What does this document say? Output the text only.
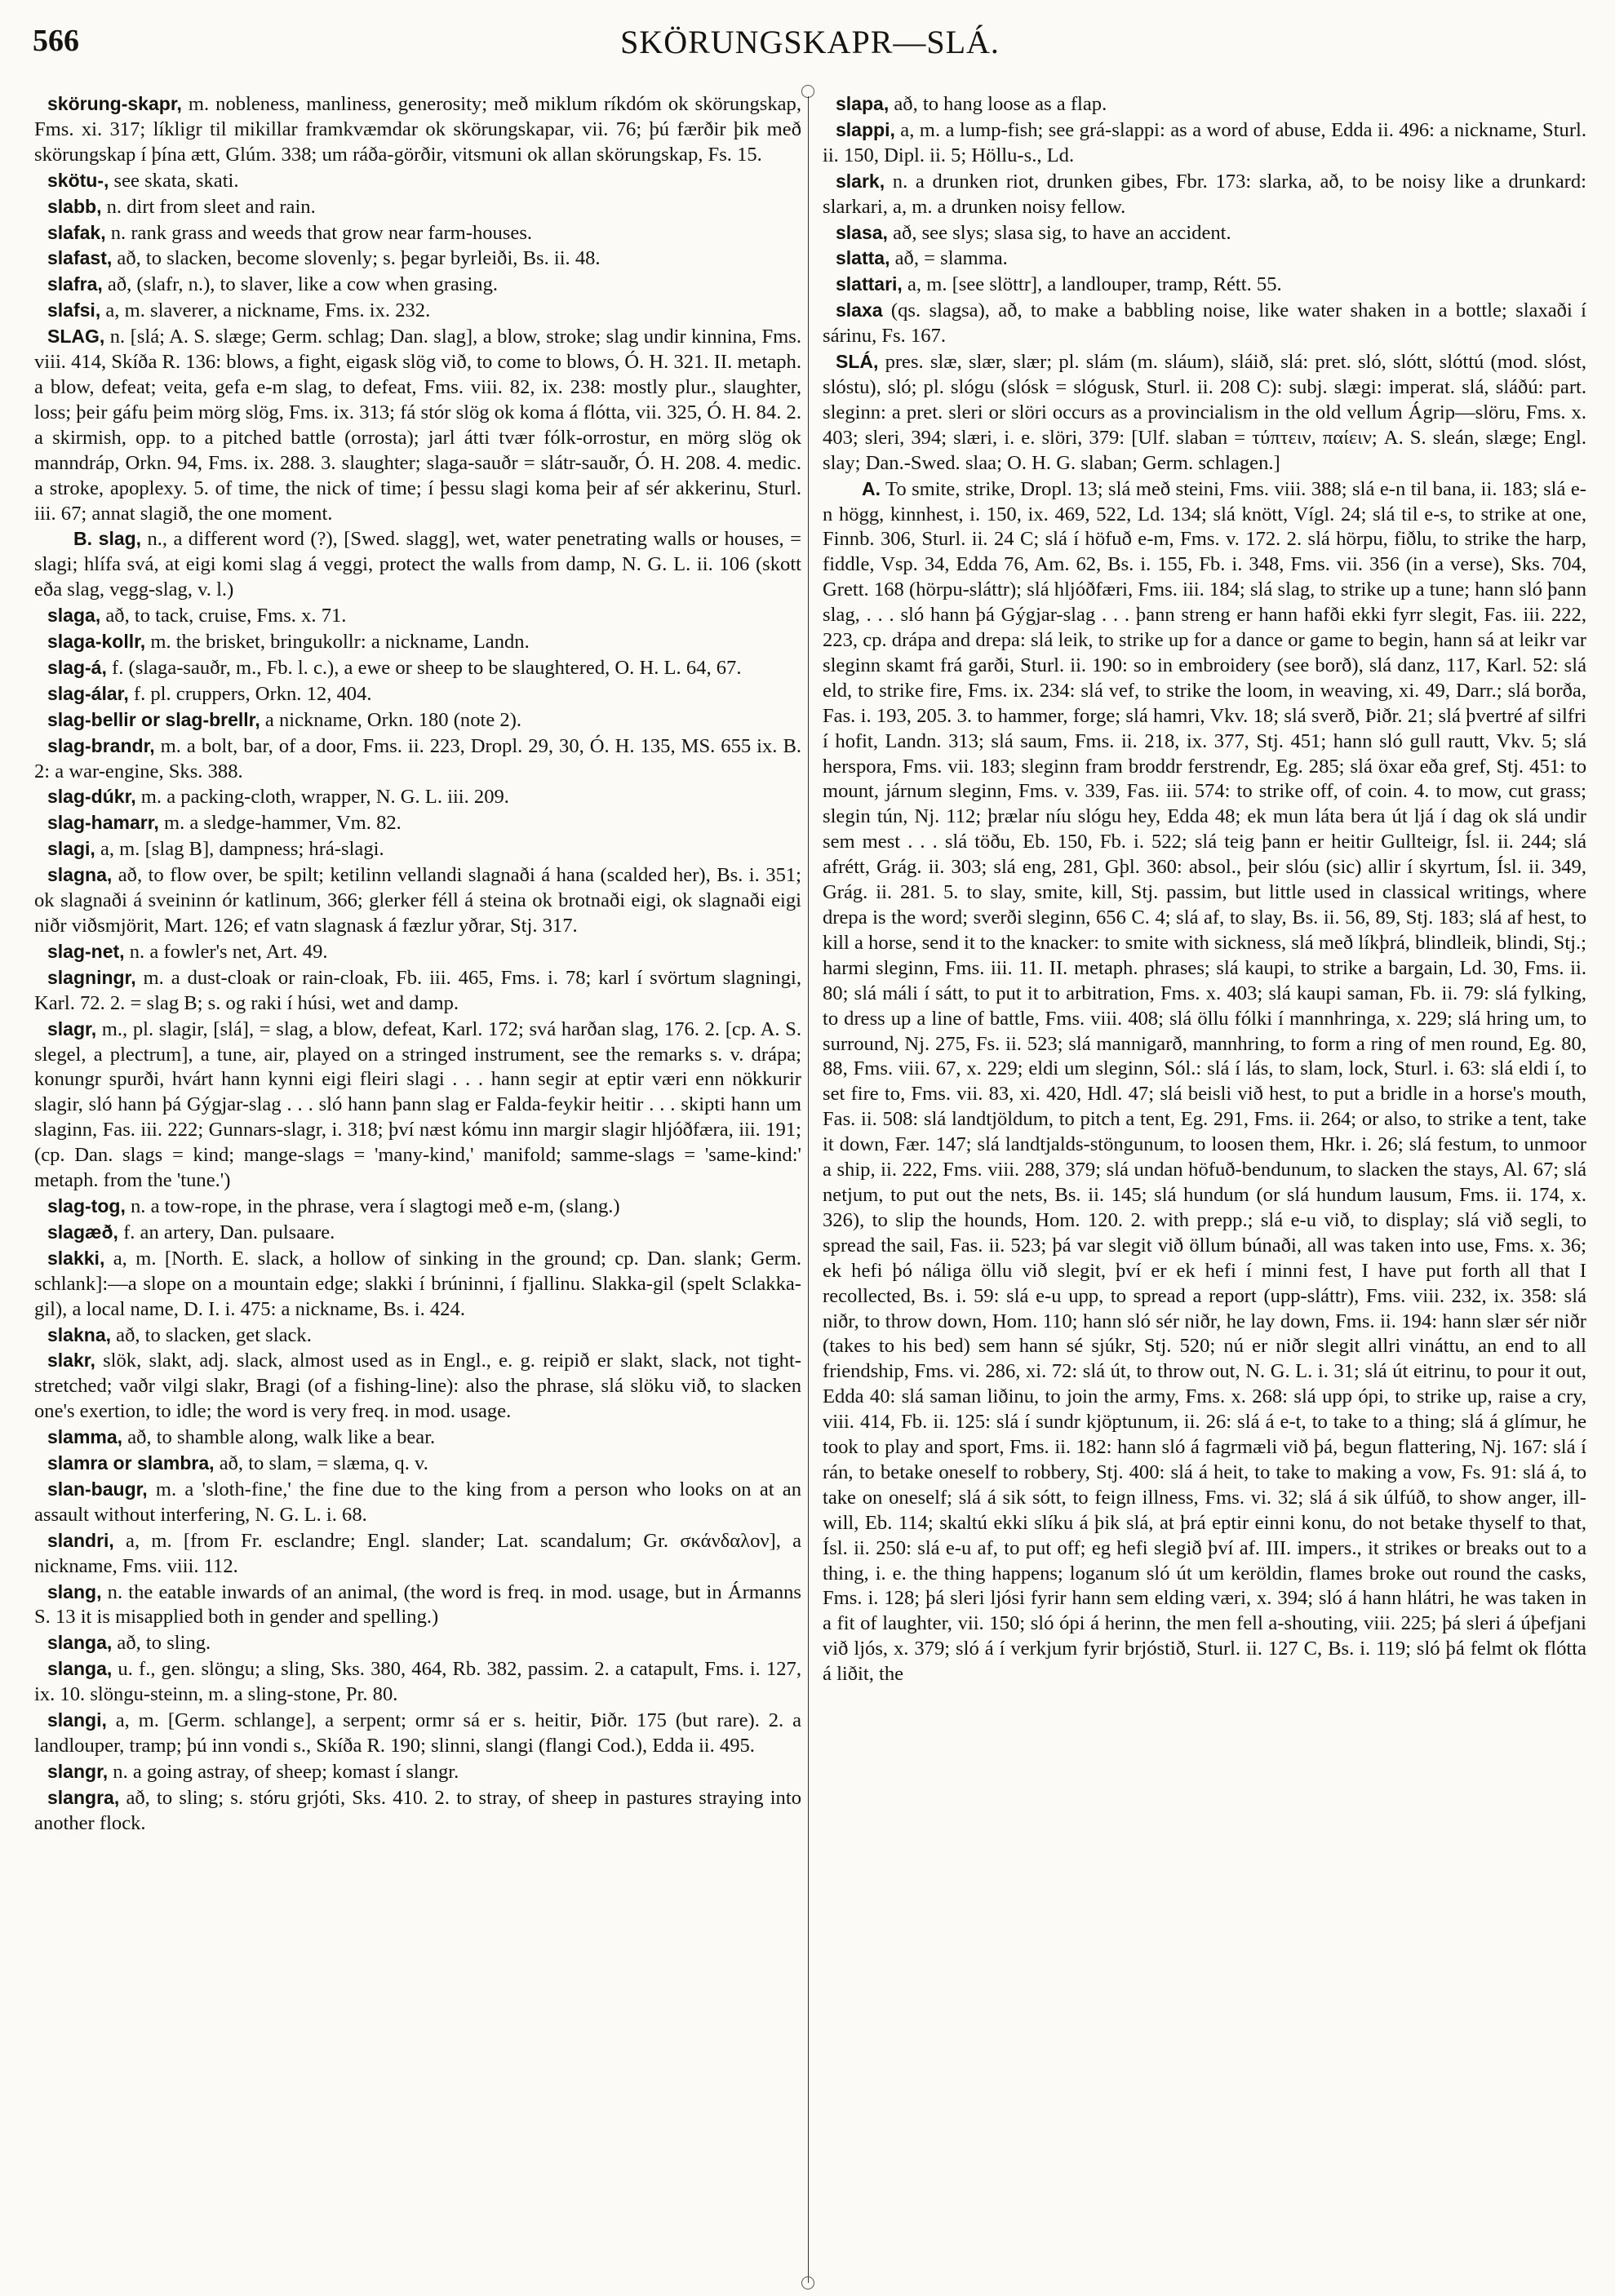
566	SKÖRUNGSKAPR—SLÁ.

skörung-skapr, m. nobleness, manliness, generosity; með miklum ríkdóm ok skörungskap, Fms. xi. 317; líkligr til mikillar framkvæmdar ok skörungskapar, vii. 76; þú færðir þik með skörungskap í þína ætt, Glúm. 338; um ráða-görðir, vitsmuni ok allan skörungskap, Fs. 15.

skötu-, see skata, skati.

slabb, n. dirt from sleet and rain.

slafak, n. rank grass and weeds that grow near farm-houses.

slafast, að, to slacken, become slovenly; s. þegar byrleiði, Bs. ii. 48.

slafra, að, (slafr, n.), to slaver, like a cow when grasing.

slafsi, a, m. slaverer, a nickname, Fms. ix. 232.

SLAG, n. [slá; A. S. slæge; Germ. schlag; Dan. slag], a blow, stroke; slag undir kinnina, Fms. viii. 414, Skíða R. 136: blows, a fight, eigask slög við, to come to blows, Ó. H. 321. II. metaph. a blow, defeat; veita, gefa e-m slag, to defeat, Fms. viii. 82, ix. 238: mostly plur., slaughter, loss; þeir gáfu þeim mörg slög, Fms. ix. 313; fá stór slög ok koma á flótta, vii. 325, Ó. H. 84. 2. a skirmish, opp. to a pitched battle (orrosta); jarl átti tvær fólk-orrostur, en mörg slög ok manndráp, Orkn. 94, Fms. ix. 288. 3. slaughter; slaga-sauðr = slátr-sauðr, Ó. H. 208. 4. medic. a stroke, apoplexy. 5. of time, the nick of time; í þessu slagi koma þeir af sér akkerinu, Sturl. iii. 67; annat slagið, the one moment.

B. slag, n., a different word (?), [Swed. slagg], wet, water penetrating walls or houses, = slagi; hlífa svá, at eigi komi slag á veggi, protect the walls from damp, N. G. L. ii. 106 (skott eða slag, vegg-slag, v. l.)

slaga, að, to tack, cruise, Fms. x. 71.

slaga-kollr, m. the brisket, bringukollr: a nickname, Landn.

slag-á, f. (slaga-sauðr, m., Fb. l. c.), a ewe or sheep to be slaughtered, O. H. L. 64, 67.

slag-álar, f. pl. cruppers, Orkn. 12, 404.

slag-bellir or slag-brellr, a nickname, Orkn. 180 (note 2).

slag-brandr, m. a bolt, bar, of a door, Fms. ii. 223, Dropl. 29, 30, Ó. H. 135, MS. 655 ix. B. 2: a war-engine, Sks. 388.

slag-dúkr, m. a packing-cloth, wrapper, N. G. L. iii. 209.

slag-hamarr, m. a sledge-hammer, Vm. 82.

slagi, a, m. [slag B], dampness; hrá-slagi.

slagna, að, to flow over, be spilt; ketilinn vellandi slagnaði á hana (scalded her), Bs. i. 351; ok slagnaði á sveininn ór katlinum, 366; glerker féll á steina ok brotnaði eigi, ok slagnaði eigi niðr viðsmjörit, Mart. 126; ef vatn slagnask á fæzlur yðrar, Stj. 317.

slag-net, n. a fowler's net, Art. 49.

slagningr, m. a dust-cloak or rain-cloak, Fb. iii. 465, Fms. i. 78; karl í svörtum slagningi, Karl. 72. 2. = slag B; s. og raki í húsi, wet and damp.

slagr, m., pl. slagir, [slá], = slag, a blow, defeat, Karl. 172; svá harðan slag, 176. 2. [cp. A. S. slegel, a plectrum], a tune, air, played on a stringed instrument, see the remarks s. v. drápa; konungr spurði, hvárt hann kynni eigi fleiri slagi . . . hann segir at eptir væri enn nökkurir slagir, sló hann þá Gýgjar-slag . . . sló hann þann slag er Falda-feykir heitir . . . skipti hann um slaginn, Fas. iii. 222; Gunnars-slagr, i. 318; því næst kómu inn margir slagir hljóðfæra, iii. 191; (cp. Dan. slags = kind; mange-slags = 'many-kind,' manifold; samme-slags = 'same-kind:' metaph. from the 'tune.')

slag-tog, n. a tow-rope, in the phrase, vera í slagtogi með e-m, (slang.)

slagæð, f. an artery, Dan. pulsaare.

slakki, a, m. [North. E. slack, a hollow of sinking in the ground; cp. Dan. slank; Germ. schlank]:—a slope on a mountain edge; slakki í brúninni, í fjallinu. Slakka-gil (spelt Sclakka-gil), a local name, D. I. i. 475: a nickname, Bs. i. 424.

slakna, að, to slacken, get slack.

slakr, slök, slakt, adj. slack, almost used as in Engl., e. g. reipið er slakt, slack, not tight-stretched; vaðr vilgi slakr, Bragi (of a fishing-line): also the phrase, slá slöku við, to slacken one's exertion, to idle; the word is very freq. in mod. usage.

slamma, að, to shamble along, walk like a bear.

slamra or slambra, að, to slam, = slæma, q. v.

slan-baugr, m. a 'sloth-fine,' the fine due to the king from a person who looks on at an assault without interfering, N. G. L. i. 68.

slandri, a, m. [from Fr. esclandre; Engl. slander; Lat. scandalum; Gr. σκάνδαλον], a nickname, Fms. viii. 112.

slang, n. the eatable inwards of an animal, (the word is freq. in mod. usage, but in Ármanns S. 13 it is misapplied both in gender and spelling.)

slanga, að, to sling.

slanga, u. f., gen. slöngu; a sling, Sks. 380, 464, Rb. 382, passim. 2. a catapult, Fms. i. 127, ix. 10. slöngu-steinn, m. a sling-stone, Pr. 80.

slangi, a, m. [Germ. schlange], a serpent; ormr sá er s. heitir, Þiðr. 175 (but rare). 2. a landlouper, tramp; þú inn vondi s., Skíða R. 190; slinni, slangi (flangi Cod.), Edda ii. 495.

slangr, n. a going astray, of sheep; komast í slangr.

slangra, að, to sling; s. stóru grjóti, Sks. 410. 2. to stray, of sheep in pastures straying into another flock.

slapa, að, to hang loose as a flap.

slappi, a, m. a lump-fish; see grá-slappi: as a word of abuse, Edda ii. 496: a nickname, Sturl. ii. 150, Dipl. ii. 5; Höllu-s., Ld.

slark, n. a drunken riot, drunken gibes, Fbr. 173: slarka, að, to be noisy like a drunkard: slarkari, a, m. a drunken noisy fellow.

slasa, að, see slys; slasa sig, to have an accident.

slatta, að, = slamma.

slattari, a, m. [see slöttr], a landlouper, tramp, Rétt. 55.

slaxa (qs. slagsa), að, to make a babbling noise, like water shaken in a bottle; slaxaði í sárinu, Fs. 167.

SLÁ, pres. slæ, slær, slær; pl. slám (m. sláum), sláið, slá: pret. sló, slótt, slóttú (mod. slóst, slóstu), sló; pl. slógu (slósk = slógusk, Sturl. ii. 208 C): subj. slægi: imperat. slá, sláðú: part. sleginn: a pret. sleri or slöri occurs as a provincialism in the old vellum Ágrip—slöru, Fms. x. 403; sleri, 394; slæri, i. e. slöri, 379: [Ulf. slaban = τύπτειν, παίειν; A. S. sleán, slæge; Engl. slay; Dan.-Swed. slaa; O. H. G. slaban; Germ. schlagen.]

A. To smite, strike, Dropl. 13; slá með steini, Fms. viii. 388; slá e-n til bana, ii. 183; slá e-n högg, kinnhest, i. 150, ix. 469, 522, Ld. 134; slá knött, Vígl. 24; slá til e-s, to strike at one, Finnb. 306, Sturl. ii. 24 C; slá í höfuð e-m, Fms. v. 172. 2. slá hörpu, fiðlu, to strike the harp, fiddle, Vsp. 34, Edda 76, Am. 62, Bs. i. 155, Fb. i. 348, Fms. vii. 356 (in a verse), Sks. 704, Grett. 168 (hörpu-sláttr); slá hljóðfæri, Fms. iii. 184; slá slag, to strike up a tune; hann sló þann slag, . . . sló hann þá Gýgjar-slag . . . þann streng er hann hafði ekki fyrr slegit, Fas. iii. 222, 223, cp. drápa and drepa: slá leik, to strike up for a dance or game to begin, hann sá at leikr var sleginn skamt frá garði, Sturl. ii. 190: so in embroidery (see borð), slá danz, 117, Karl. 52: slá eld, to strike fire, Fms. ix. 234: slá vef, to strike the loom, in weaving, xi. 49, Darr.; slá borða, Fas. i. 193, 205. 3. to hammer, forge; slá hamri, Vkv. 18; slá sverð, Þiðr. 21; slá þvertré af silfri í hofit, Landn. 313; slá saum, Fms. ii. 218, ix. 377, Stj. 451; hann sló gull rautt, Vkv. 5; slá herspora, Fms. vii. 183; sleginn fram broddr ferstrendr, Eg. 285; slá öxar eða gref, Stj. 451: to mount, járnum sleginn, Fms. v. 339, Fas. iii. 574: to strike off, of coin. 4. to mow, cut grass; slegin tún, Nj. 112; þrælar níu slógu hey, Edda 48; ek mun láta bera út ljá í dag ok slá undir sem mest . . . slá töðu, Eb. 150, Fb. i. 522; slá teig þann er heitir Gullteigr, Ísl. ii. 244; slá afrétt, Grág. ii. 303; slá eng, 281, Gþl. 360: absol., þeir slóu (sic) allir í skyrtum, Ísl. ii. 349, Grág. ii. 281. 5. to slay, smite, kill, Stj. passim, but little used in classical writings, where drepa is the word; sverði sleginn, 656 C. 4; slá af, to slay, Bs. ii. 56, 89, Stj. 183; slá af hest, to kill a horse, send it to the knacker: to smite with sickness, slá með líkþrá, blindleik, blindi, Stj.; harmi sleginn, Fms. iii. 11. II. metaph. phrases; slá kaupi, to strike a bargain, Ld. 30, Fms. ii. 80; slá máli í sátt, to put it to arbitration, Fms. x. 403; slá kaupi saman, Fb. ii. 79: slá fylking, to dress up a line of battle, Fms. viii. 408; slá öllu fólki í mannhringa, x. 229; slá hring um, to surround, Nj. 275, Fs. ii. 523; slá mannigarð, mannhring, to form a ring of men round, Eg. 80, 88, Fms. viii. 67, x. 229; eldi um sleginn, Sól.: slá í lás, to slam, lock, Sturl. i. 63: slá eldi í, to set fire to, Fms. vii. 83, xi. 420, Hdl. 47; slá beisli við hest, to put a bridle in a horse's mouth, Fas. ii. 508: slá landtjöldum, to pitch a tent, Eg. 291, Fms. ii. 264; or also, to strike a tent, take it down, Fær. 147; slá landtjalds-stöngunum, to loosen them, Hkr. i. 26; slá festum, to unmoor a ship, ii. 222, Fms. viii. 288, 379; slá undan höfuð-bendunum, to slacken the stays, Al. 67; slá netjum, to put out the nets, Bs. ii. 145; slá hundum (or slá hundum lausum, Fms. ii. 174, x. 326), to slip the hounds, Hom. 120. 2. with prepp.; slá e-u við, to display; slá við segli, to spread the sail, Fas. ii. 523; þá var slegit við öllum búnaði, all was taken into use, Fms. x. 36; ek hefi þó náliga öllu við slegit, því er ek hefi í minni fest, I have put forth all that I recollected, Bs. i. 59: slá e-u upp, to spread a report (upp-sláttr), Fms. viii. 232, ix. 358: slá niðr, to throw down, Hom. 110; hann sló sér niðr, he lay down, Fms. ii. 194: hann slær sér niðr (takes to his bed) sem hann sé sjúkr, Stj. 520; nú er niðr slegit allri vináttu, an end to all friendship, Fms. vi. 286, xi. 72: slá út, to throw out, N. G. L. i. 31; slá út eitrinu, to pour it out, Edda 40: slá saman liðinu, to join the army, Fms. x. 268: slá upp ópi, to strike up, raise a cry, viii. 414, Fb. ii. 125: slá í sundr kjöptunum, ii. 26: slá á e-t, to take to a thing; slá á glímur, he took to play and sport, Fms. ii. 182: hann sló á fagrmæli við þá, begun flattering, Nj. 167: slá í rán, to betake oneself to robbery, Stj. 400: slá á heit, to take to making a vow, Fs. 91: slá á, to take on oneself; slá á sik sótt, to feign illness, Fms. vi. 32; slá á sik úlfúð, to show anger, ill-will, Eb. 114; skaltú ekki slíku á þik slá, at þrá eptir einni konu, do not betake thyself to that, Ísl. ii. 250: slá e-u af, to put off; eg hefi slegið því af. III. impers., it strikes or breaks out to a thing, i. e. the thing happens; loganum sló út um keröldin, flames broke out round the casks, Fms. i. 128; þá sleri ljósi fyrir hann sem elding væri, x. 394; sló á hann hlátri, he was taken in a fit of laughter, vii. 150; sló ópi á herinn, the men fell a-shouting, viii. 225; þá sleri á úþefjani við ljós, x. 379; sló á í verkjum fyrir brjóstið, Sturl. ii. 127 C, Bs. i. 119; sló þá felmt ok flótta á liðit, the
